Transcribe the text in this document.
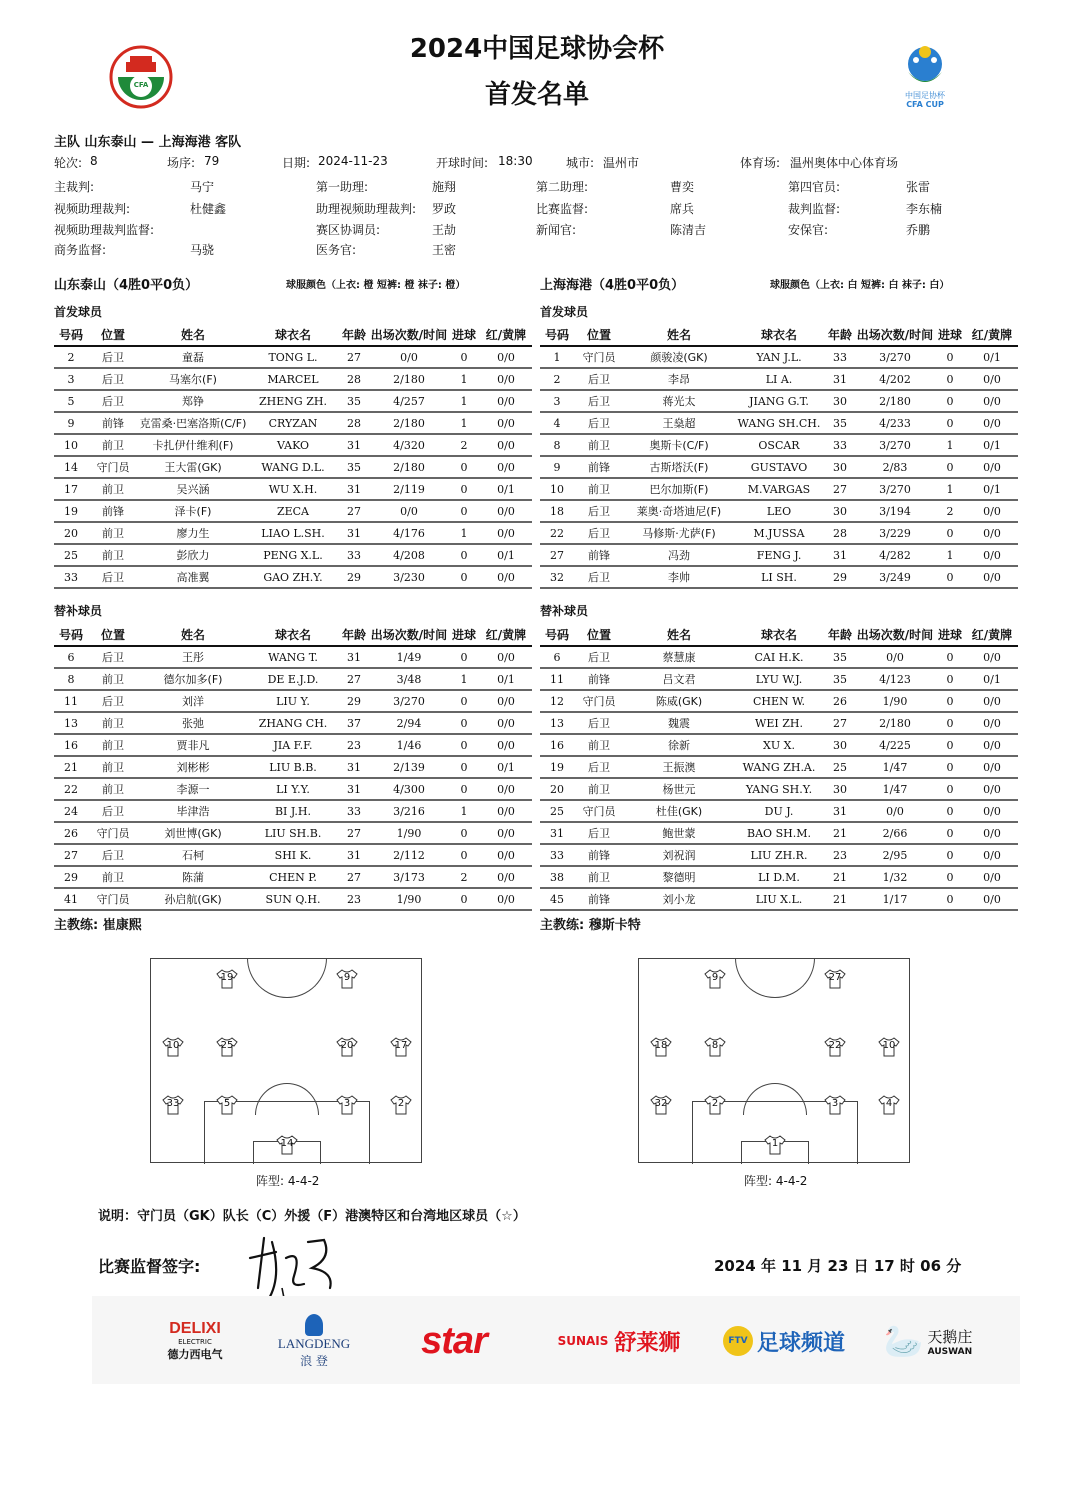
CFA
中国足协杯
CFA CUP
2024中国足球协会杯
首发名单
主队 山东泰山 — 上海海港 客队
轮次: 8	场序: 79	日期: 2024-11-23	开球时间: 18:30	城市: 温州市	体育场: 温州奥体中心体育场
主裁判:	马宁	第一助理:	施翔	第二助理:	曹奕	第四官员:	张雷
视频助理裁判:	杜健鑫	助理视频助理裁判: 罗政	比赛监督:	席兵	裁判监督:	李东楠
视频助理裁判监督:	赛区协调员:	王劼	新闻官:	陈清吉	安保官:	乔鹏
商务监督:	马骁	医务官:	王密
山东泰山（4胜0平0负）	球服颜色（上衣: 橙 短裤: 橙 袜子: 橙）	上海海港（4胜0平0负）	球服颜色（上衣: 白 短裤: 白 袜子: 白）
首发球员	首发球员
号码	位置	姓名	球衣名	年龄	出场次数/时间	进球	红/黄牌
2	后卫	童磊	TONG L.	27	0/0	0	0/0
3	后卫	马塞尔(F)	MARCEL	28	2/180	1	0/0
5	后卫	郑铮	ZHENG ZH.	35	4/257	1	0/0
9	前锋	克雷桑·巴塞洛斯(C/F)	CRYZAN	28	2/180	1	0/0
10	前卫	卡扎伊什维利(F)	VAKO	31	4/320	2	0/0
14	守门员	王大雷(GK)	WANG D.L.	35	2/180	0	0/0
17	前卫	吴兴涵	WU X.H.	31	2/119	0	0/1
19	前锋	泽卡(F)	ZECA	27	0/0	0	0/0
20	前卫	廖力生	LIAO L.SH.	31	4/176	1	0/0
25	前卫	彭欣力	PENG X.L.	33	4/208	0	0/1
33	后卫	高准翼	GAO ZH.Y.	29	3/230	0	0/0
号码	位置	姓名	球衣名	年龄	出场次数/时间	进球	红/黄牌
1	守门员	颜骏凌(GK)	YAN J.L.	33	3/270	0	0/1
2	后卫	李昂	LI A.	31	4/202	0	0/0
3	后卫	蒋光太	JIANG G.T.	30	2/180	0	0/0
4	后卫	王燊超	WANG SH.CH.	35	4/233	0	0/0
8	前卫	奥斯卡(C/F)	OSCAR	33	3/270	1	0/1
9	前锋	古斯塔沃(F)	GUSTAVO	30	2/83	0	0/0
10	前卫	巴尔加斯(F)	M.VARGAS	27	3/270	1	0/1
18	后卫	莱奥·奇塔迪尼(F)	LEO	30	3/194	2	0/0
22	后卫	马修斯·尤萨(F)	M.JUSSA	28	3/229	0	0/0
27	前锋	冯劲	FENG J.	31	4/282	1	0/0
32	后卫	李帅	LI SH.	29	3/249	0	0/0
替补球员	替补球员
号码	位置	姓名	球衣名	年龄	出场次数/时间	进球	红/黄牌
6	后卫	王彤	WANG T.	31	1/49	0	0/0
8	前卫	德尔加多(F)	DE E.J.D.	27	3/48	1	0/1
11	后卫	刘洋	LIU Y.	29	3/270	0	0/0
13	前卫	张弛	ZHANG CH.	37	2/94	0	0/0
16	前卫	贾非凡	JIA F.F.	23	1/46	0	0/0
21	前卫	刘彬彬	LIU B.B.	31	2/139	0	0/1
22	前卫	李源一	LI Y.Y.	31	4/300	0	0/0
24	后卫	毕津浩	BI J.H.	33	3/216	1	0/0
26	守门员	刘世博(GK)	LIU SH.B.	27	1/90	0	0/0
27	后卫	石柯	SHI K.	31	2/112	0	0/0
29	前卫	陈蒲	CHEN P.	27	3/173	2	0/0
41	守门员	孙启航(GK)	SUN Q.H.	23	1/90	0	0/0
号码	位置	姓名	球衣名	年龄	出场次数/时间	进球	红/黄牌
6	后卫	蔡慧康	CAI H.K.	35	0/0	0	0/0
11	前锋	吕文君	LYU W.J.	35	4/123	0	0/1
12	守门员	陈威(GK)	CHEN W.	26	1/90	0	0/0
13	后卫	魏震	WEI ZH.	27	2/180	0	0/0
16	前卫	徐新	XU X.	30	4/225	0	0/0
19	后卫	王振澳	WANG ZH.A.	25	1/47	0	0/0
20	前卫	杨世元	YANG SH.Y.	30	1/47	0	0/0
25	守门员	杜佳(GK)	DU J.	31	0/0	0	0/0
31	后卫	鲍世蒙	BAO SH.M.	21	2/66	0	0/0
33	前锋	刘祝润	LIU ZH.R.	23	2/95	0	0/0
38	前卫	黎德明	LI D.M.	21	1/32	0	0/0
45	前锋	刘小龙	LIU X.L.	21	1/17	0	0/0
主教练: 崔康熙	主教练: 穆斯卡特
19	9
10	25	20	17
33	5	3	2
14
9	27
18	8	22	10
32	2	3	4
1
阵型: 4-4-2	阵型: 4-4-2
说明：守门员（GK）队长（C）外援（F）港澳特区和台湾地区球员（☆）
比赛监督签字:	2024 年 11 月 23 日 17 时 06 分
DELIXI
ELECTRIC
德力西电气
LANGDENG
浪 登 star	SUNAIS 舒莱狮	FTV 足球频道 🦢 天鹅庄
AUSWAN
